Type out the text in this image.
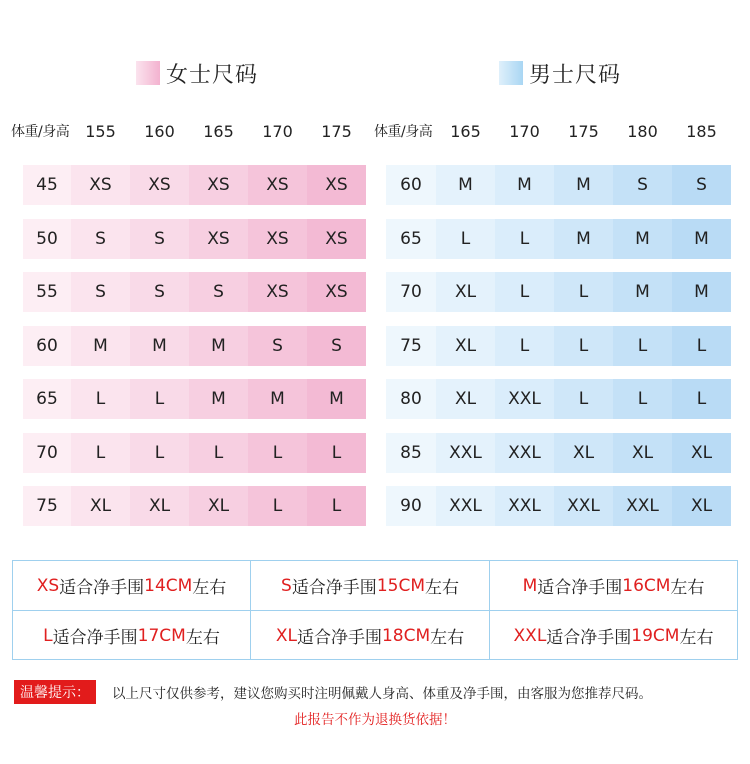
女士尺码	男士尺码
体重/身高	155	160	165	170	175
45	XS	XS	XS	XS	XS
50	S	S	XS	XS	XS
55	S	S	S	XS	XS
60	M	M	M	S	S
65	L	L	M	M	M
70	L	L	L	L	L
75	XL	XL	XL	L	L
体重/身高	165	170	175	180	185
60	M	M	M	S	S
65	L	L	M	M	M
70	XL	L	L	M	M
75	XL	L	L	L	L
80	XL	XXL	L	L	L
85	XXL	XXL	XL	XL	XL
90	XXL	XXL	XXL	XXL	XL
XS 适合净手围 14CM 左右	S 适合净手围 15CM 左右	M 适合净手围 16CM 左右
L 适合净手围 17CM 左右	XL 适合净手围 18CM 左右	XXL 适合净手围 19CM 左右
温馨提示：	以上尺寸仅供参考，建议您购买时注明佩戴人身高、体重及净手围，由客服为您推荐尺码。
此报告不作为退换货依据！
